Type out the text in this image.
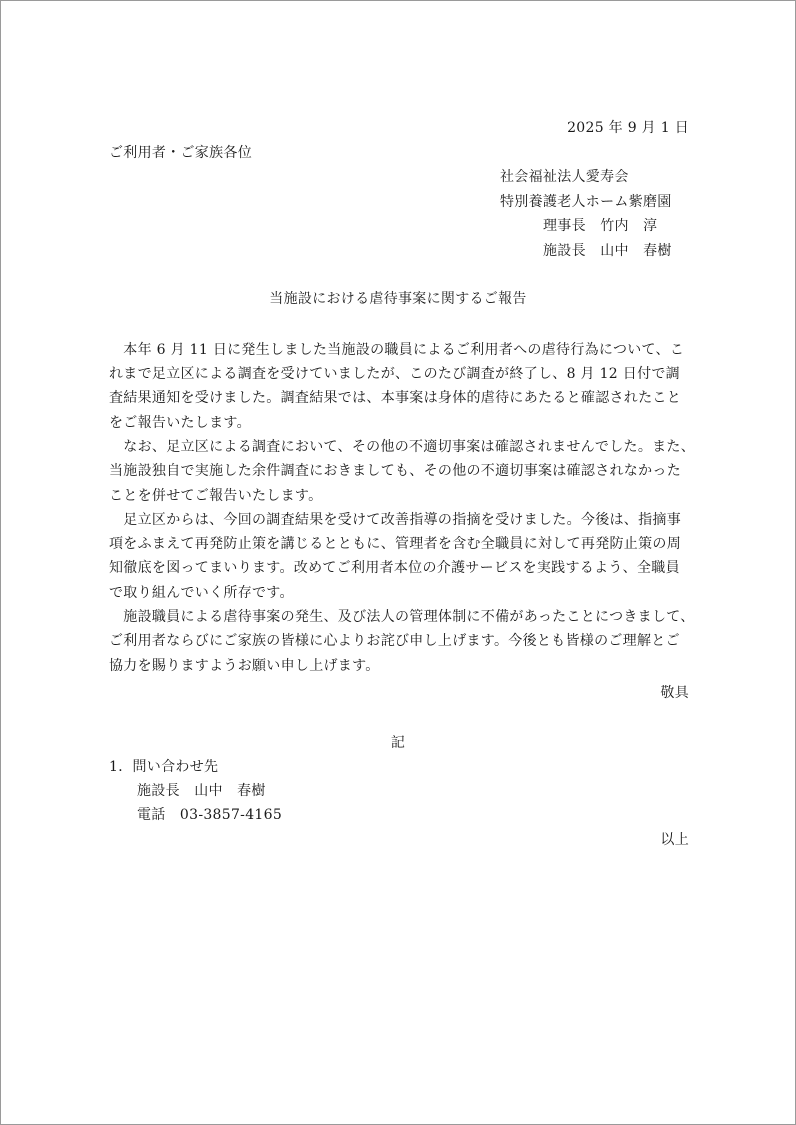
2025 年 9 月 1 日
ご利用者・ご家族各位
社会福祉法人愛寿会
特別養護老人ホーム紫磨園
理事長　竹内　淳
施設長　山中　春樹
当施設における虐待事案に関するご報告
　本年 6 月 11 日に発生しました当施設の職員によるご利用者への虐待行為について、こ
れまで足立区による調査を受けていましたが、このたび調査が終了し、8 月 12 日付で調
査結果通知を受けました。調査結果では、本事案は身体的虐待にあたると確認されたこと
をご報告いたします。
　なお、足立区による調査において、その他の不適切事案は確認されませんでした。また、
当施設独自で実施した余件調査におきましても、その他の不適切事案は確認されなかった
ことを併せてご報告いたします。
　足立区からは、今回の調査結果を受けて改善指導の指摘を受けました。今後は、指摘事
項をふまえて再発防止策を講じるとともに、管理者を含む全職員に対して再発防止策の周
知徹底を図ってまいります。改めてご利用者本位の介護サービスを実践するよう、全職員
で取り組んでいく所存です。
　施設職員による虐待事案の発生、及び法人の管理体制に不備があったことにつきまして、
ご利用者ならびにご家族の皆様に心よりお詫び申し上げます。今後とも皆様のご理解とご
協力を賜りますようお願い申し上げます。
敬具
記
1．問い合わせ先
施設長　山中　春樹
電話　03-3857-4165
以上
